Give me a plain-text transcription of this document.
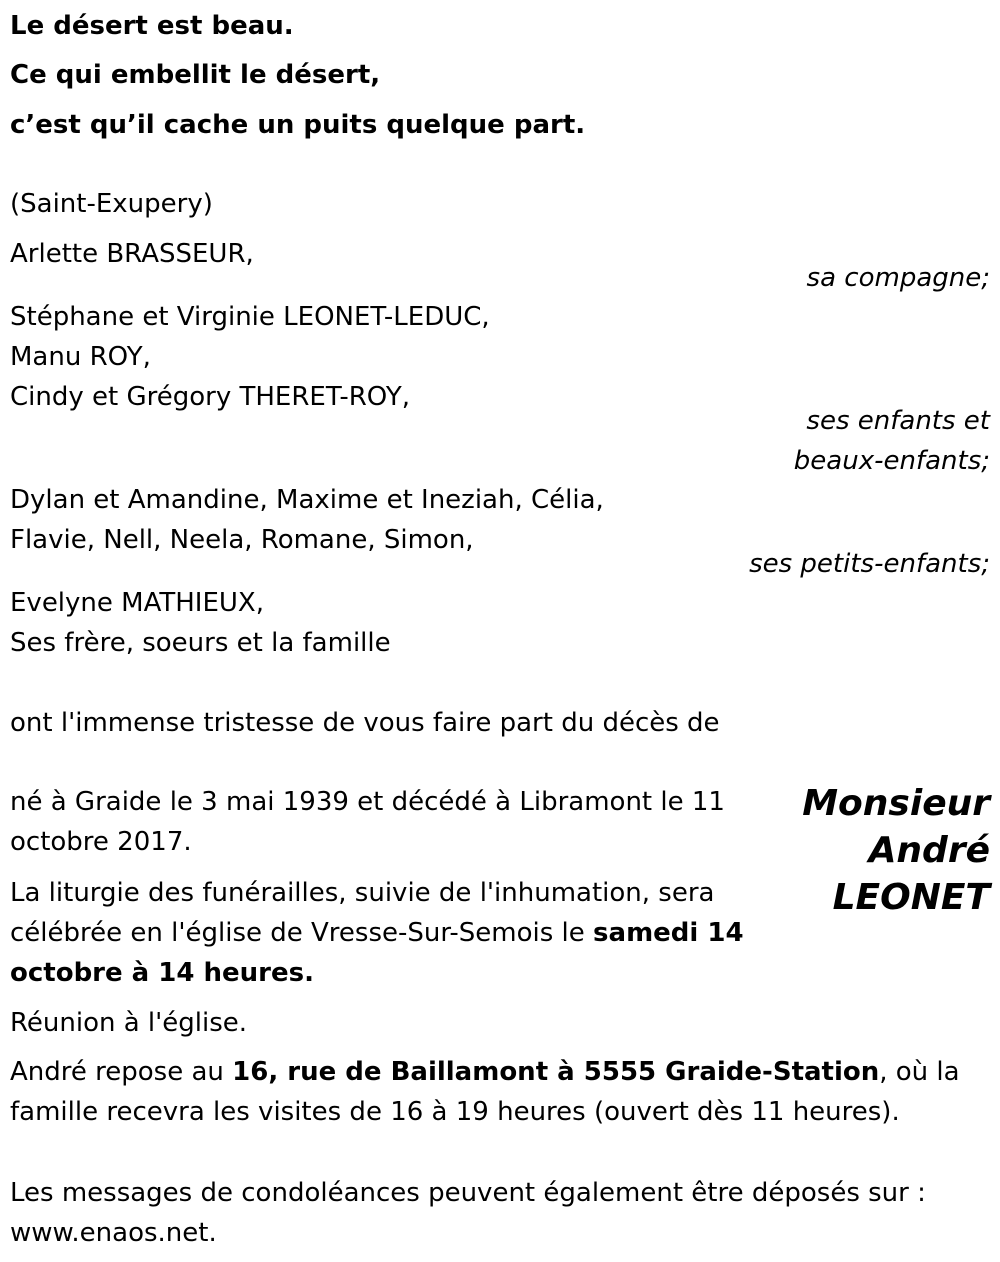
Le désert est beau.
Ce qui embellit le désert,
c’est qu’il cache un puits quelque part.
(Saint-Exupery)
Arlette BRASSEUR,
sa compagne;
Stéphane et Virginie LEONET-LEDUC,
Manu ROY,
Cindy et Grégory THERET-ROY,
ses enfants et
beaux-enfants;
Dylan et Amandine, Maxime et Ineziah, Célia,
Flavie, Nell, Neela, Romane, Simon,
ses petits-enfants;
Evelyne MATHIEUX,
Ses frère, soeurs et la famille
ont l'immense tristesse de vous faire part du décès de
Monsieur
André
LEONET
né à Graide le 3 mai 1939 et décédé à Libramont le 11
octobre 2017.
La liturgie des funérailles, suivie de l'inhumation, sera
célébrée en l'église de Vresse-Sur-Semois le samedi 14
octobre à 14 heures.
Réunion à l'église.
André repose au 16, rue de Baillamont à 5555 Graide-Station, où la
famille recevra les visites de 16 à 19 heures (ouvert dès 11 heures).
Les messages de condoléances peuvent également être déposés sur :
www.enaos.net.
